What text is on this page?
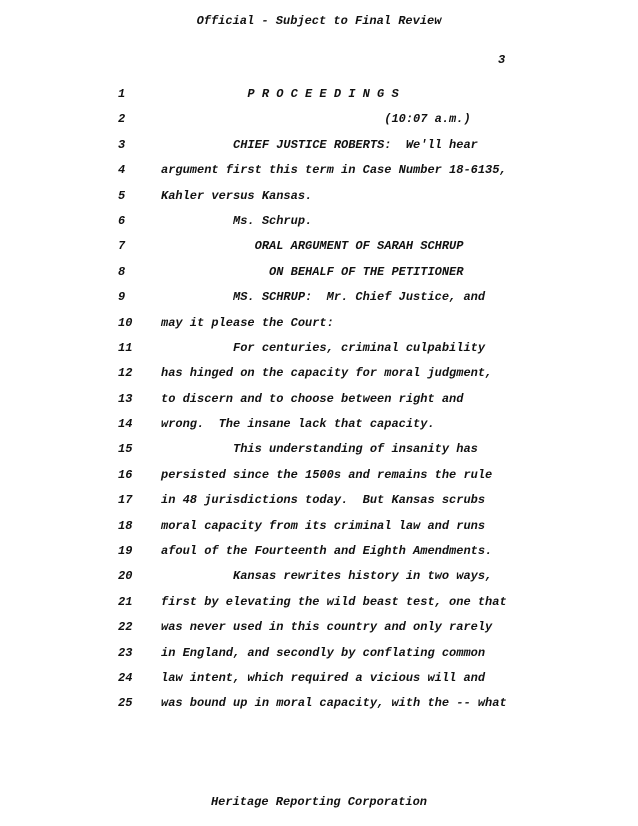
Official - Subject to Final Review
3
1	P R O C E E D I N G S
2	(10:07 a.m.)
3	CHIEF JUSTICE ROBERTS:  We'll hear
4	argument first this term in Case Number 18-6135,
5	Kahler versus Kansas.
6	Ms. Schrup.
7	ORAL ARGUMENT OF SARAH SCHRUP
8	ON BEHALF OF THE PETITIONER
9	MS. SCHRUP:  Mr. Chief Justice, and
10	may it please the Court:
11	For centuries, criminal culpability
12	has hinged on the capacity for moral judgment,
13	to discern and to choose between right and
14	wrong.  The insane lack that capacity.
15	This understanding of insanity has
16	persisted since the 1500s and remains the rule
17	in 48 jurisdictions today.  But Kansas scrubs
18	moral capacity from its criminal law and runs
19	afoul of the Fourteenth and Eighth Amendments.
20	Kansas rewrites history in two ways,
21	first by elevating the wild beast test, one that
22	was never used in this country and only rarely
23	in England, and secondly by conflating common
24	law intent, which required a vicious will and
25	was bound up in moral capacity, with the -- what
Heritage Reporting Corporation
